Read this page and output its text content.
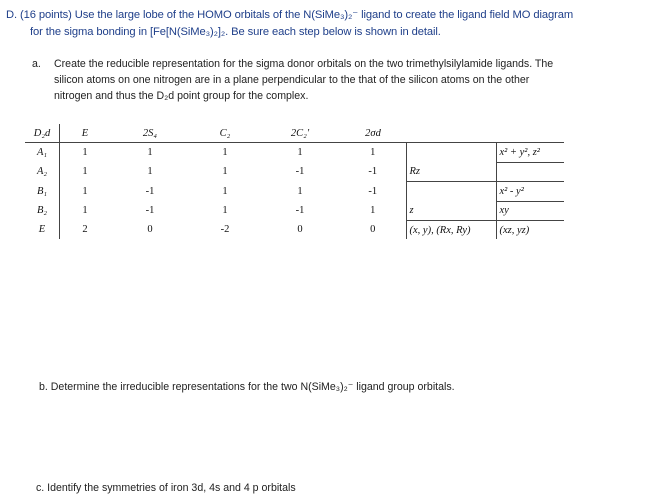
D. (16 points) Use the large lobe of the HOMO orbitals of the N(SiMe₃)₂⁻ ligand to create the ligand field MO diagram
for the sigma bonding in [Fe[N(SiMe₃)₂]₂. Be sure each step below is shown in detail.
a. Create the reducible representation for the sigma donor orbitals on the two trimethylsilylamide ligands. The
silicon atoms on one nitrogen are in a plane perpendicular to the that of the silicon atoms on the other
nitrogen and thus the D₂d point group for the complex.
D₂d	E	2S₄	C₂	2C₂'	2σd		
A₁	1	1	1	1	1		x² + y², z²
A₂	1	1	1	-1	-1	Rz	
B₁	1	-1	1	1	-1		x² - y²
B₂	1	-1	1	-1	1	z	xy
E	2	0	-2	0	0	(x, y), (Rx, Ry)	(xz, yz)
b. Determine the irreducible representations for the two N(SiMe₃)₂⁻ ligand group orbitals.
c. Identify the symmetries of iron 3d, 4s and 4 p orbitals
